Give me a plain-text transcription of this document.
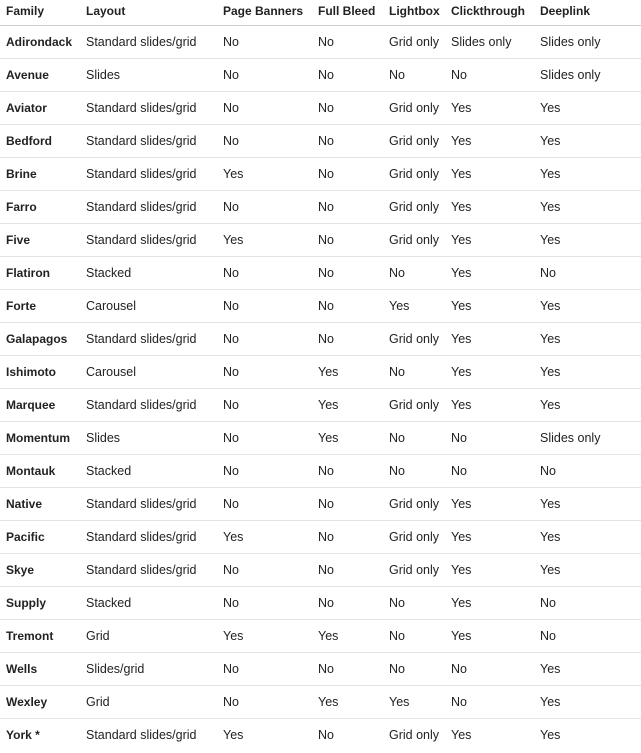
Family	Layout	Page Banners	Full Bleed	Lightbox	Clickthrough	Deeplink
Adirondack	Standard slides/grid	No	No	Grid only	Slides only	Slides only
Avenue	Slides	No	No	No	No	Slides only
Aviator	Standard slides/grid	No	No	Grid only	Yes	Yes
Bedford	Standard slides/grid	No	No	Grid only	Yes	Yes
Brine	Standard slides/grid	Yes	No	Grid only	Yes	Yes
Farro	Standard slides/grid	No	No	Grid only	Yes	Yes
Five	Standard slides/grid	Yes	No	Grid only	Yes	Yes
Flatiron	Stacked	No	No	No	Yes	No
Forte	Carousel	No	No	Yes	Yes	Yes
Galapagos	Standard slides/grid	No	No	Grid only	Yes	Yes
Ishimoto	Carousel	No	Yes	No	Yes	Yes
Marquee	Standard slides/grid	No	Yes	Grid only	Yes	Yes
Momentum	Slides	No	Yes	No	No	Slides only
Montauk	Stacked	No	No	No	No	No
Native	Standard slides/grid	No	No	Grid only	Yes	Yes
Pacific	Standard slides/grid	Yes	No	Grid only	Yes	Yes
Skye	Standard slides/grid	No	No	Grid only	Yes	Yes
Supply	Stacked	No	No	No	Yes	No
Tremont	Grid	Yes	Yes	No	Yes	No
Wells	Slides/grid	No	No	No	No	Yes
Wexley	Grid	No	Yes	Yes	No	Yes
York *	Standard slides/grid	Yes	No	Grid only	Yes	Yes
